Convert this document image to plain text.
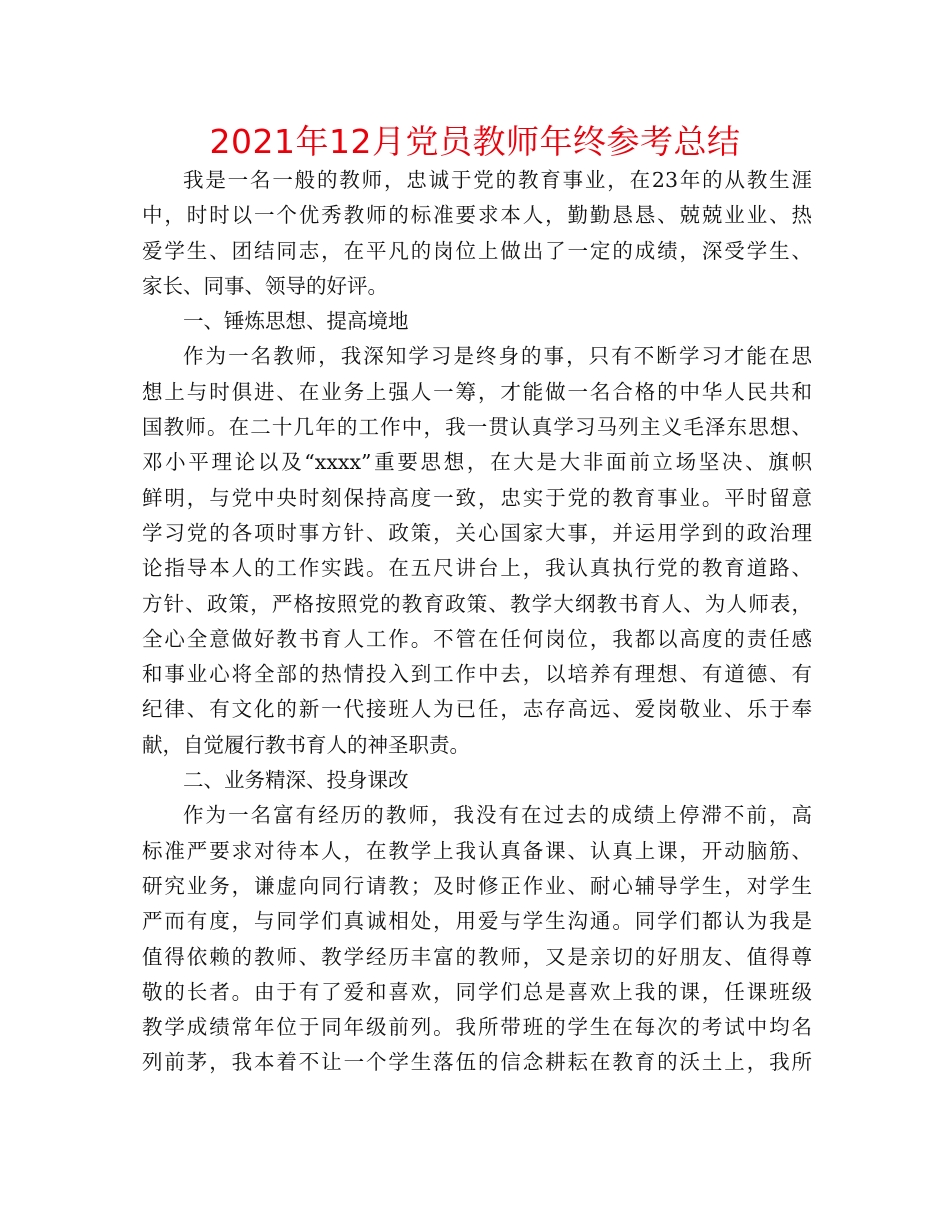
2021年12月党员教师年终参考总结
我是一名一般的教师，忠诚于党的教育事业，在23年的从教生涯
中，时时以一个优秀教师的标准要求本人，勤勤恳恳、兢兢业业、热
爱学生、团结同志，在平凡的岗位上做出了一定的成绩，深受学生、
家长、同事、领导的好评。
一、锤炼思想、提高境地
作为一名教师，我深知学习是终身的事，只有不断学习才能在思
想上与时俱进、在业务上强人一筹，才能做一名合格的中华人民共和
国教师。在二十几年的工作中，我一贯认真学习马列主义毛泽东思想、
邓小平理论以及“xxxx”重要思想，在大是大非面前立场坚决、旗帜
鲜明，与党中央时刻保持高度一致，忠实于党的教育事业。平时留意
学习党的各项时事方针、政策，关心国家大事，并运用学到的政治理
论指导本人的工作实践。在五尺讲台上，我认真执行党的教育道路、
方针、政策，严格按照党的教育政策、教学大纲教书育人、为人师表，
全心全意做好教书育人工作。不管在任何岗位，我都以高度的责任感
和事业心将全部的热情投入到工作中去，以培养有理想、有道德、有
纪律、有文化的新一代接班人为已任，志存高远、爱岗敬业、乐于奉
献，自觉履行教书育人的神圣职责。
二、业务精深、投身课改
作为一名富有经历的教师，我没有在过去的成绩上停滞不前，高
标准严要求对待本人，在教学上我认真备课、认真上课，开动脑筋、
研究业务，谦虚向同行请教；及时修正作业、耐心辅导学生，对学生
严而有度，与同学们真诚相处，用爱与学生沟通。同学们都认为我是
值得依赖的教师、教学经历丰富的教师，又是亲切的好朋友、值得尊
敬的长者。由于有了爱和喜欢，同学们总是喜欢上我的课，任课班级
教学成绩常年位于同年级前列。我所带班的学生在每次的考试中均名
列前茅，我本着不让一个学生落伍的信念耕耘在教育的沃土上，我所
